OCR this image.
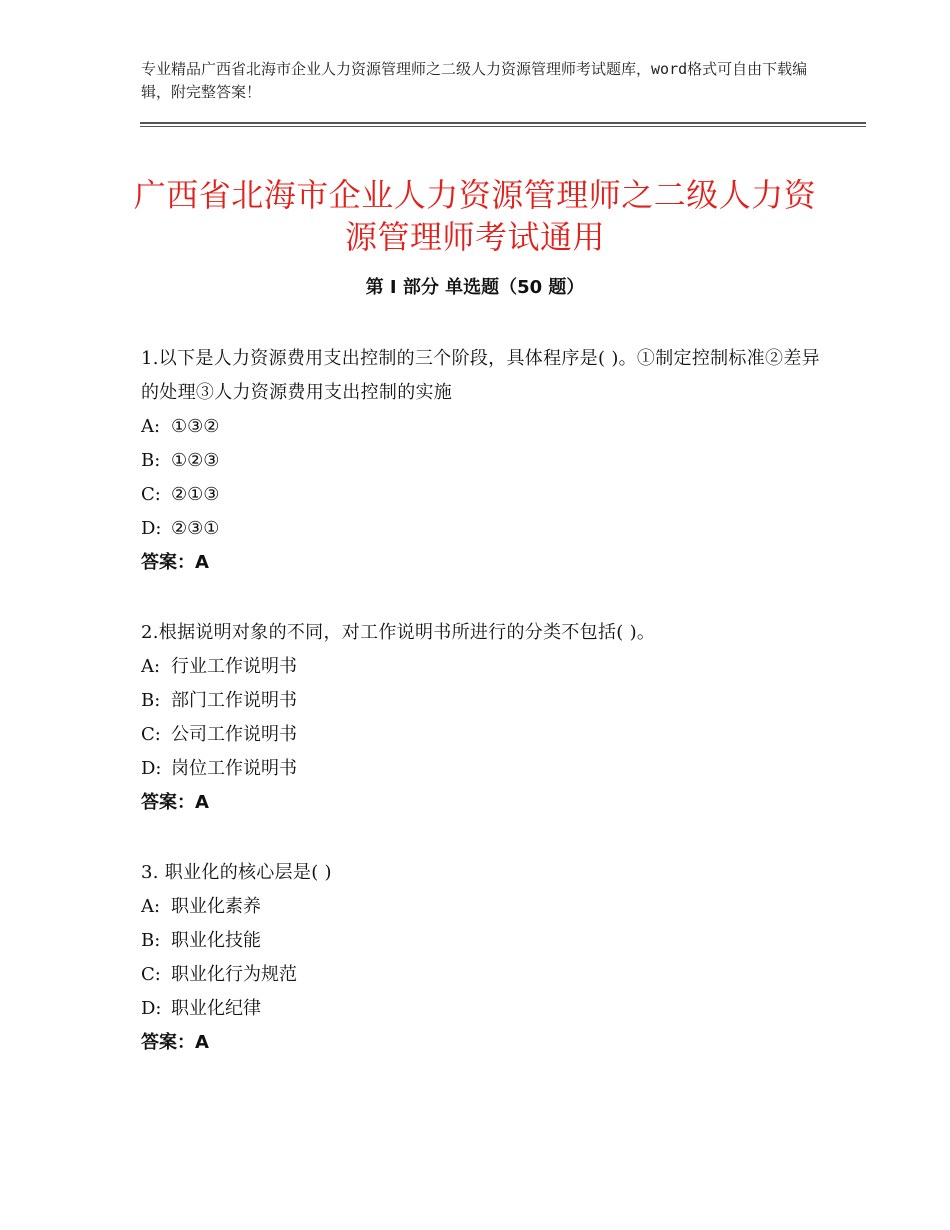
专业精品广西省北海市企业人力资源管理师之二级人力资源管理师考试题库，word格式可自由下载编辑，附完整答案！
广西省北海市企业人力资源管理师之二级人力资源管理师考试通用
第 I 部分 单选题（50 题）
1.以下是人力资源费用支出控制的三个阶段，具体程序是( )。①制定控制标准②差异的处理③人力资源费用支出控制的实施
A: ①③②
B: ①②③
C: ②①③
D: ②③①
答案：A
2.根据说明对象的不同，对工作说明书所进行的分类不包括( )。
A: 行业工作说明书
B: 部门工作说明书
C: 公司工作说明书
D: 岗位工作说明书
答案：A
3. 职业化的核心层是( )
A: 职业化素养
B: 职业化技能
C: 职业化行为规范
D: 职业化纪律
答案：A
